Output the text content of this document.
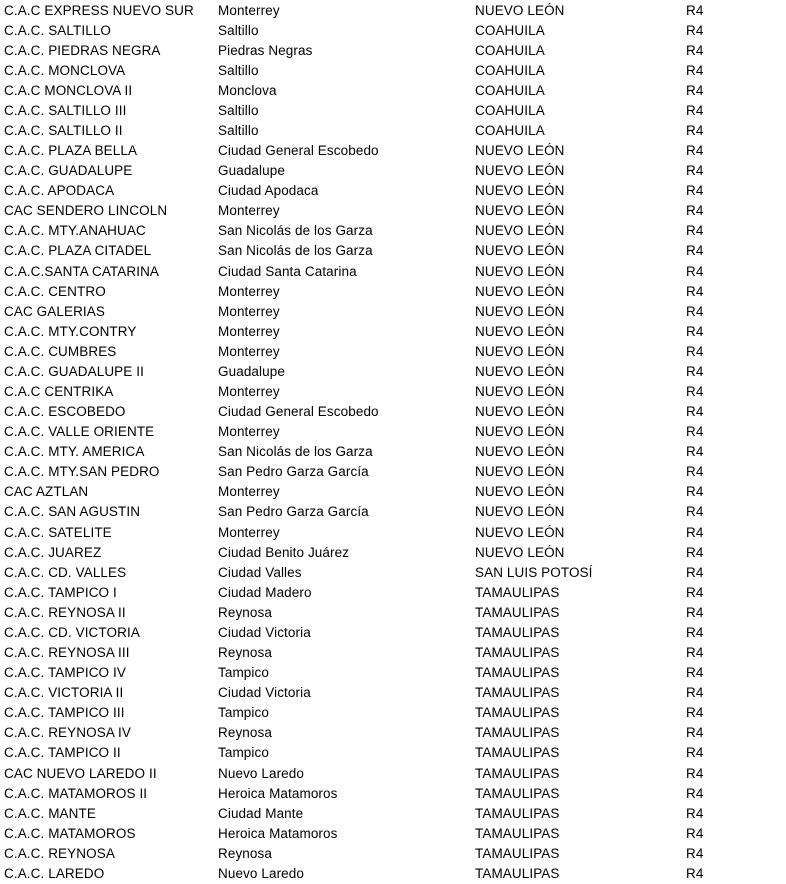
C.A.C EXPRESS NUEVO SUR	Monterrey	NUEVO LEÓN	R4
C.A.C. SALTILLO	Saltillo	COAHUILA	R4
C.A.C. PIEDRAS NEGRA	Piedras Negras	COAHUILA	R4
C.A.C. MONCLOVA	Saltillo	COAHUILA	R4
C.A.C MONCLOVA II	Monclova	COAHUILA	R4
C.A.C. SALTILLO III	Saltillo	COAHUILA	R4
C.A.C. SALTILLO II	Saltillo	COAHUILA	R4
C.A.C. PLAZA BELLA	Ciudad General Escobedo	NUEVO LEÓN	R4
C.A.C. GUADALUPE	Guadalupe	NUEVO LEÓN	R4
C.A.C. APODACA	Ciudad Apodaca	NUEVO LEÓN	R4
CAC SENDERO LINCOLN	Monterrey	NUEVO LEÓN	R4
C.A.C. MTY.ANAHUAC	San Nicolás de los Garza	NUEVO LEÓN	R4
C.A.C. PLAZA CITADEL	San Nicolás de los Garza	NUEVO LEÓN	R4
C.A.C.SANTA CATARINA	Ciudad Santa Catarina	NUEVO LEÓN	R4
C.A.C. CENTRO	Monterrey	NUEVO LEÓN	R4
CAC GALERIAS	Monterrey	NUEVO LEÓN	R4
C.A.C. MTY.CONTRY	Monterrey	NUEVO LEÓN	R4
C.A.C. CUMBRES	Monterrey	NUEVO LEÓN	R4
C.A.C. GUADALUPE II	Guadalupe	NUEVO LEÓN	R4
C.A.C CENTRIKA	Monterrey	NUEVO LEÓN	R4
C.A.C. ESCOBEDO	Ciudad General Escobedo	NUEVO LEÓN	R4
C.A.C. VALLE ORIENTE	Monterrey	NUEVO LEÓN	R4
C.A.C. MTY. AMERICA	San Nicolás de los Garza	NUEVO LEÓN	R4
C.A.C. MTY.SAN PEDRO	San Pedro Garza García	NUEVO LEÓN	R4
CAC AZTLAN	Monterrey	NUEVO LEÓN	R4
C.A.C. SAN AGUSTIN	San Pedro Garza García	NUEVO LEÓN	R4
C.A.C. SATELITE	Monterrey	NUEVO LEÓN	R4
C.A.C. JUAREZ	Ciudad Benito Juárez	NUEVO LEÓN	R4
C.A.C. CD. VALLES	Ciudad Valles	SAN LUIS POTOSÍ	R4
C.A.C. TAMPICO I	Ciudad Madero	TAMAULIPAS	R4
C.A.C. REYNOSA II	Reynosa	TAMAULIPAS	R4
C.A.C. CD. VICTORIA	Ciudad Victoria	TAMAULIPAS	R4
C.A.C. REYNOSA III	Reynosa	TAMAULIPAS	R4
C.A.C. TAMPICO IV	Tampico	TAMAULIPAS	R4
C.A.C. VICTORIA II	Ciudad Victoria	TAMAULIPAS	R4
C.A.C. TAMPICO III	Tampico	TAMAULIPAS	R4
C.A.C. REYNOSA IV	Reynosa	TAMAULIPAS	R4
C.A.C. TAMPICO II	Tampico	TAMAULIPAS	R4
CAC NUEVO LAREDO II	Nuevo Laredo	TAMAULIPAS	R4
C.A.C. MATAMOROS II	Heroica Matamoros	TAMAULIPAS	R4
C.A.C. MANTE	Ciudad Mante	TAMAULIPAS	R4
C.A.C. MATAMOROS	Heroica Matamoros	TAMAULIPAS	R4
C.A.C. REYNOSA	Reynosa	TAMAULIPAS	R4
C.A.C. LAREDO	Nuevo Laredo	TAMAULIPAS	R4
